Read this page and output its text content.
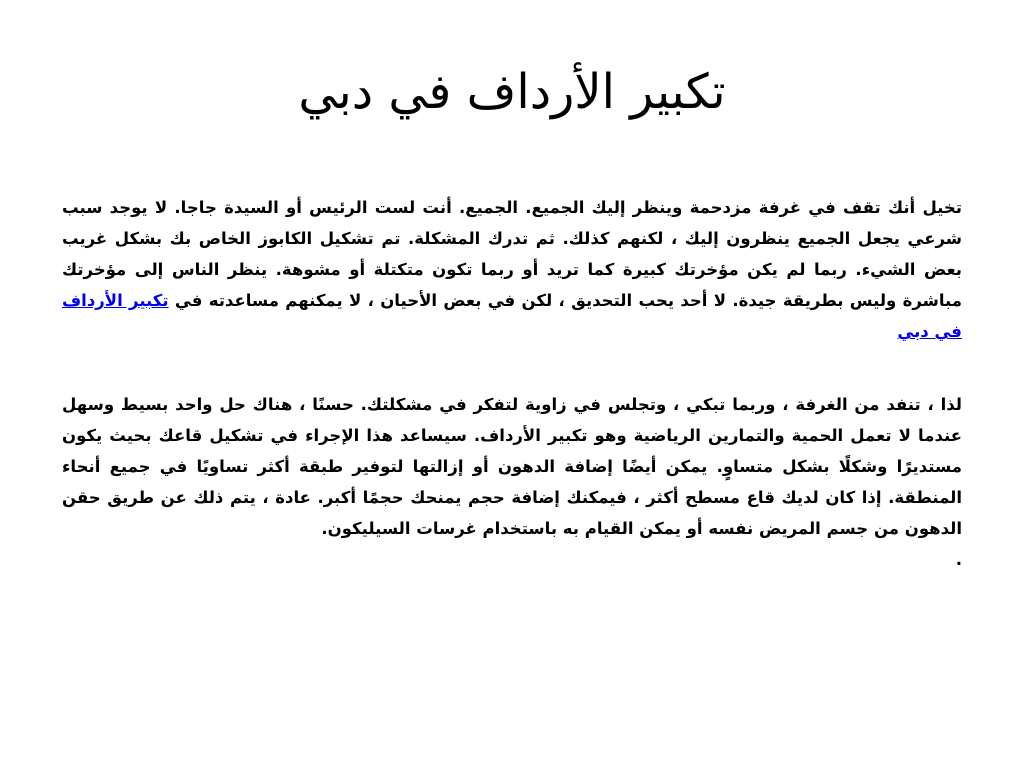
تكبير الأرداف في دبي

تخيل أنك تقف في غرفة مزدحمة وينظر إليك الجميع. الجميع. أنت لست الرئيس أو السيدة جاجا. لا يوجد سبب شرعي يجعل الجميع ينظرون إليك ، لكنهم كذلك. ثم تدرك المشكلة. تم تشكيل الكابوز الخاص بك بشكل غريب بعض الشيء. ربما لم يكن مؤخرتك كبيرة كما تريد أو ربما تكون متكتلة أو مشوهة. ينظر الناس إلى مؤخرتك مباشرة وليس بطريقة جيدة. لا أحد يحب التحديق ، لكن في بعض الأحيان ، لا يمكنهم مساعدته في تكبير الأرداف في دبي

لذا ، تنفد من الغرفة ، وربما تبكي ، وتجلس في زاوية لتفكر في مشكلتك. حسنًا ، هناك حل واحد بسيط وسهل عندما لا تعمل الحمية والتمارين الرياضية وهو تكبير الأرداف. سيساعد هذا الإجراء في تشكيل قاعك بحيث يكون مستديرًا وشكلًا بشكل متساوٍ. يمكن أيضًا إضافة الدهون أو إزالتها لتوفير طبقة أكثر تساويًا في جميع أنحاء المنطقة. إذا كان لديك قاع مسطح أكثر ، فيمكنك إضافة حجم يمنحك حجمًا أكبر. عادة ، يتم ذلك عن طريق حقن الدهون من جسم المريض نفسه أو يمكن القيام به باستخدام غرسات السيليكون.

.
